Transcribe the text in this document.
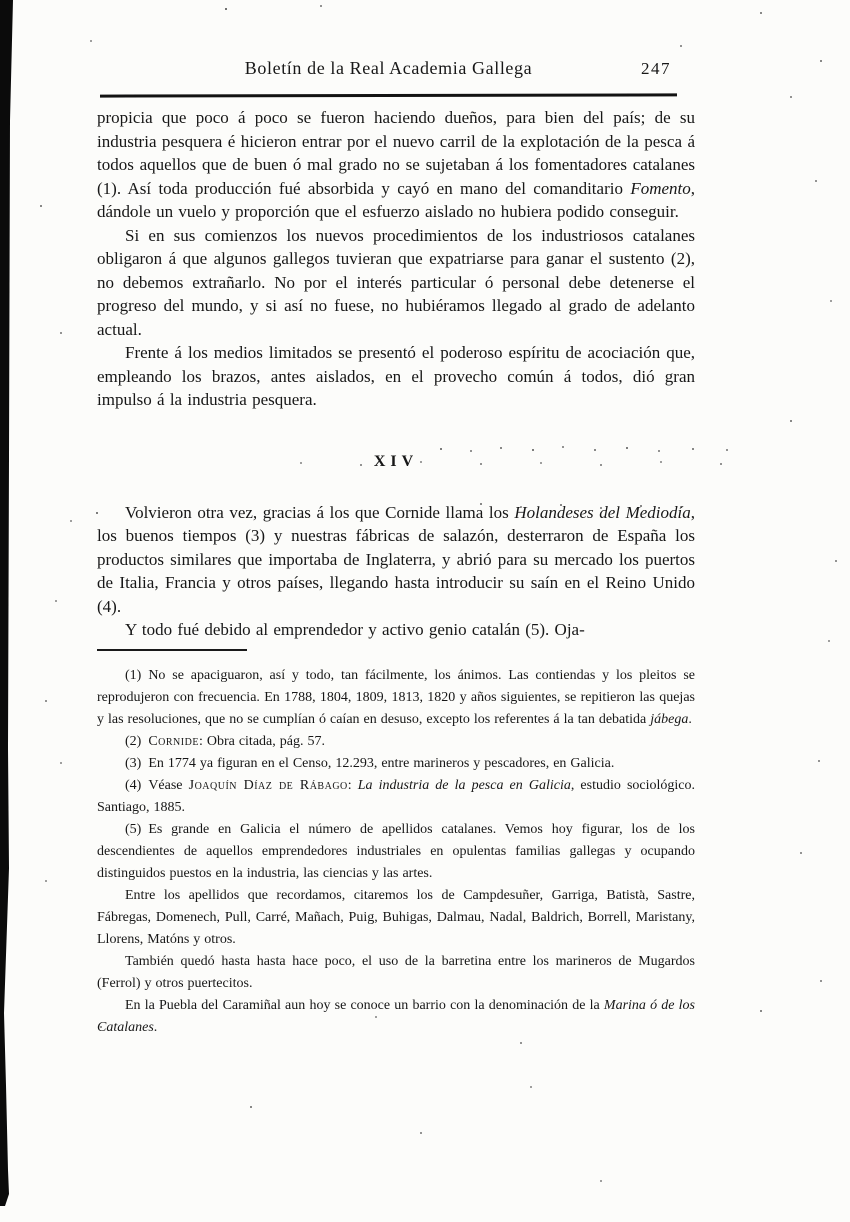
Boletín de la Real Academia Gallega	247

propicia que poco á poco se fueron haciendo dueños, para bien del país; de su industria pesquera é hicieron entrar por el nuevo carril de la explotación de la pesca á todos aquellos que de buen ó mal grado no se sujetaban á los fomentadores catalanes (1). Así toda producción fué absorbida y cayó en mano del comanditario Fomento, dándole un vuelo y proporción que el esfuerzo aislado no hubiera podido conseguir.

Si en sus comienzos los nuevos procedimientos de los industriosos catalanes obligaron á que algunos gallegos tuvieran que expatriarse para ganar el sustento (2), no debemos extrañarlo. No por el interés particular ó personal debe detenerse el progreso del mundo, y si así no fuese, no hubiéramos llegado al grado de adelanto actual.

Frente á los medios limitados se presentó el poderoso espíritu de acociación que, empleando los brazos, antes aislados, en el provecho común á todos, dió gran impulso á la industria pesquera.

XIV

Volvieron otra vez, gracias á los que Cornide llama los Holandeses del Mediodía, los buenos tiempos (3) y nuestras fábricas de salazón, desterraron de España los productos similares que importaba de Inglaterra, y abrió para su mercado los puertos de Italia, Francia y otros países, llegando hasta introducir su saín en el Reino Unido (4).

Y todo fué debido al emprendedor y activo genio catalán (5). Oja-

(1) No se apaciguaron, así y todo, tan fácilmente, los ánimos. Las contiendas y los pleitos se reprodujeron con frecuencia. En 1788, 1804, 1809, 1813, 1820 y años siguientes, se repitieron las quejas y las resoluciones, que no se cumplían ó caían en desuso, excepto los referentes á la tan debatida jábega.

(2) Cornide: Obra citada, pág. 57.

(3) En 1774 ya figuran en el Censo, 12.293, entre marineros y pescadores, en Galicia.

(4) Véase Joaquín Díaz de Rábago: La industria de la pesca en Galicia, estudio sociológico. Santiago, 1885.

(5) Es grande en Galicia el número de apellidos catalanes. Vemos hoy figurar, los de los descendientes de aquellos emprendedores industriales en opulentas familias gallegas y ocupando distinguidos puestos en la industria, las ciencias y las artes.

Entre los apellidos que recordamos, citaremos los de Campdesuñer, Garriga, Batista, Sastre, Fábregas, Domenech, Pull, Carré, Mañach, Puig, Buhigas, Dalmau, Nadal, Baldrich, Borrell, Maristany, Llorens, Matóns y otros.

También quedó hasta hasta hace poco, el uso de la barretina entre los marineros de Mugardos (Ferrol) y otros puertecitos.

En la Puebla del Caramiñal aun hoy se conoce un barrio con la denominación de la Marina ó de los Catalanes.
